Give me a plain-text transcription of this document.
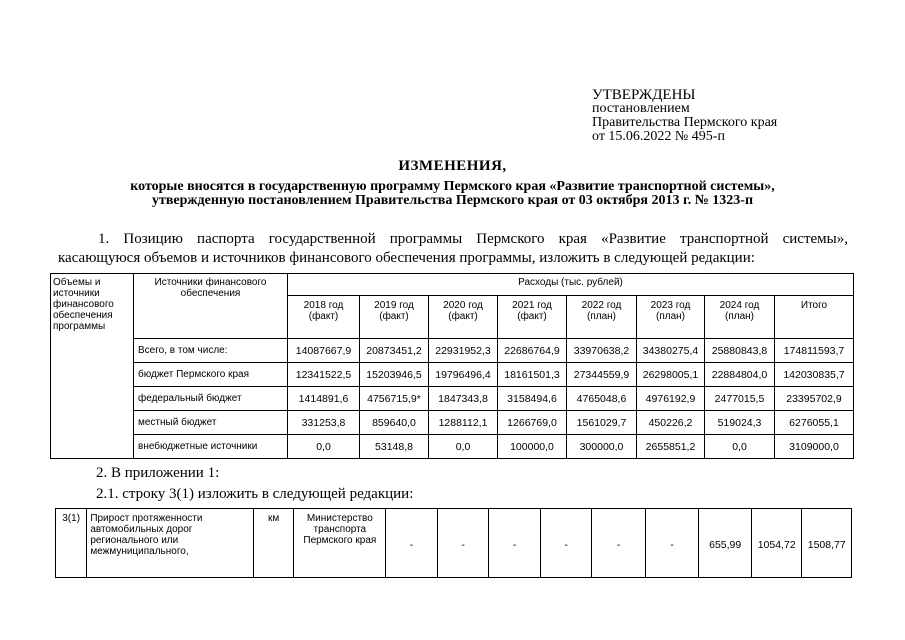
УТВЕРЖДЕНЫ
постановлением
Правительства Пермского края
от 15.06.2022 № 495-п
ИЗМЕНЕНИЯ,
которые вносятся в государственную программу Пермского края «Развитие транспортной системы»,
утвержденную постановлением Правительства Пермского края от 03 октября 2013 г. № 1323-п
1. Позицию паспорта государственной программы Пермского края «Развитие транспортной системы»,
касающуюся объемов и источников финансового обеспечения программы, изложить в следующей редакции:
Объемы и источники финансового обеспечения программы	Источники финансового обеспечения	Расходы (тыс. рублей)							
		2018 год (факт)	2019 год (факт)	2020 год (факт)	2021 год (факт)	2022 год (план)	2023 год (план)	2024 год (план)	Итого
	Всего, в том числе:	14087667,9	20873451,2	22931952,3	22686764,9	33970638,2	34380275,4	25880843,8	174811593,7
	бюджет Пермского края	12341522,5	15203946,5	19796496,4	18161501,3	27344559,9	26298005,1	22884804,0	142030835,7
	федеральный бюджет	1414891,6	4756715,9*	1847343,8	3158494,6	4765048,6	4976192,9	2477015,5	23395702,9
	местный бюджет	331253,8	859640,0	1288112,1	1266769,0	1561029,7	450226,2	519024,3	6276055,1
	внебюджетные источники	0,0	53148,8	0,0	100000,0	300000,0	2655851,2	0,0	3109000,0
2. В приложении 1:
2.1. строку 3(1) изложить в следующей редакции:
3(1)	Прирост протяженности автомобильных дорог регионального или межмуниципального,	км	Министерство транспорта Пермского края	-	-	-	-	-	-	655,99	1054,72	1508,77
